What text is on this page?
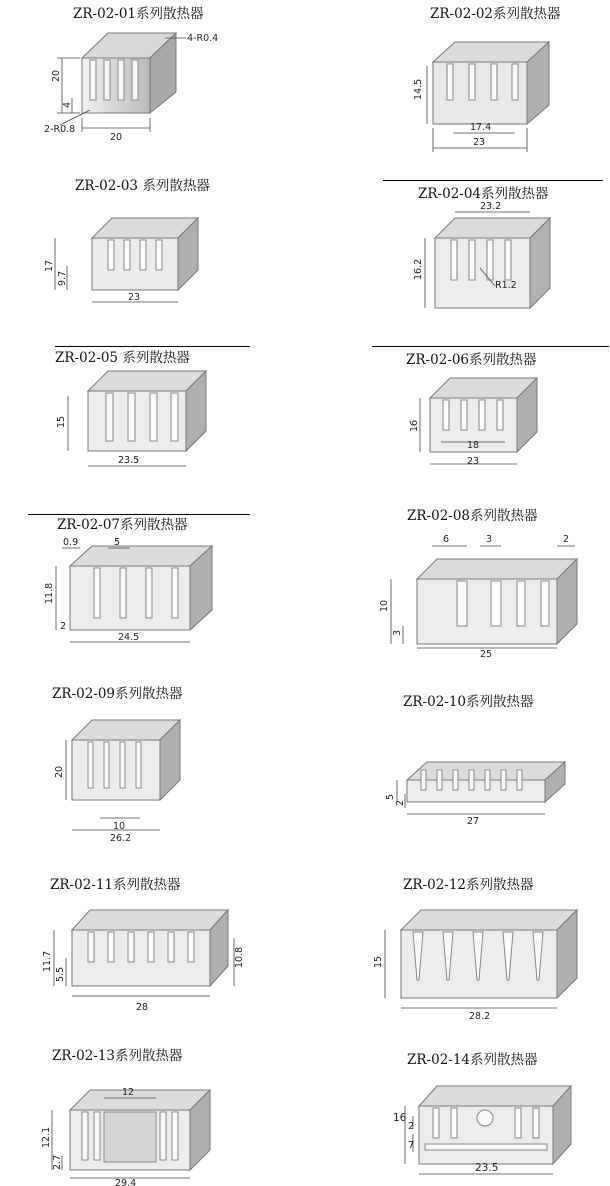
ZR-02-01系列散热器
20
4
2-R0.8
20
4-R0.4
ZR-02-02系列散热器
14.5
17.4
23
ZR-02-03 系列散热器
17
9.7
23
ZR-02-04系列散热器
23.2
16.2
R1.2
ZR-02-05 系列散热器
15
23.5
ZR-02-06系列散热器
16
18
23
ZR-02-07系列散热器
0.9	5
11.8
2
24.5
ZR-02-08系列散热器
6	3	2
10
3
25
ZR-02-09系列散热器
20
10
26.2
ZR-02-10系列散热器
5
2
27
ZR-02-11系列散热器
11.7
5.5
10.8
28
ZR-02-12系列散热器
15
28.2
ZR-02-13系列散热器
12
12.1
2.7
29.4
ZR-02-14系列散热器
16
2
7
23.5
